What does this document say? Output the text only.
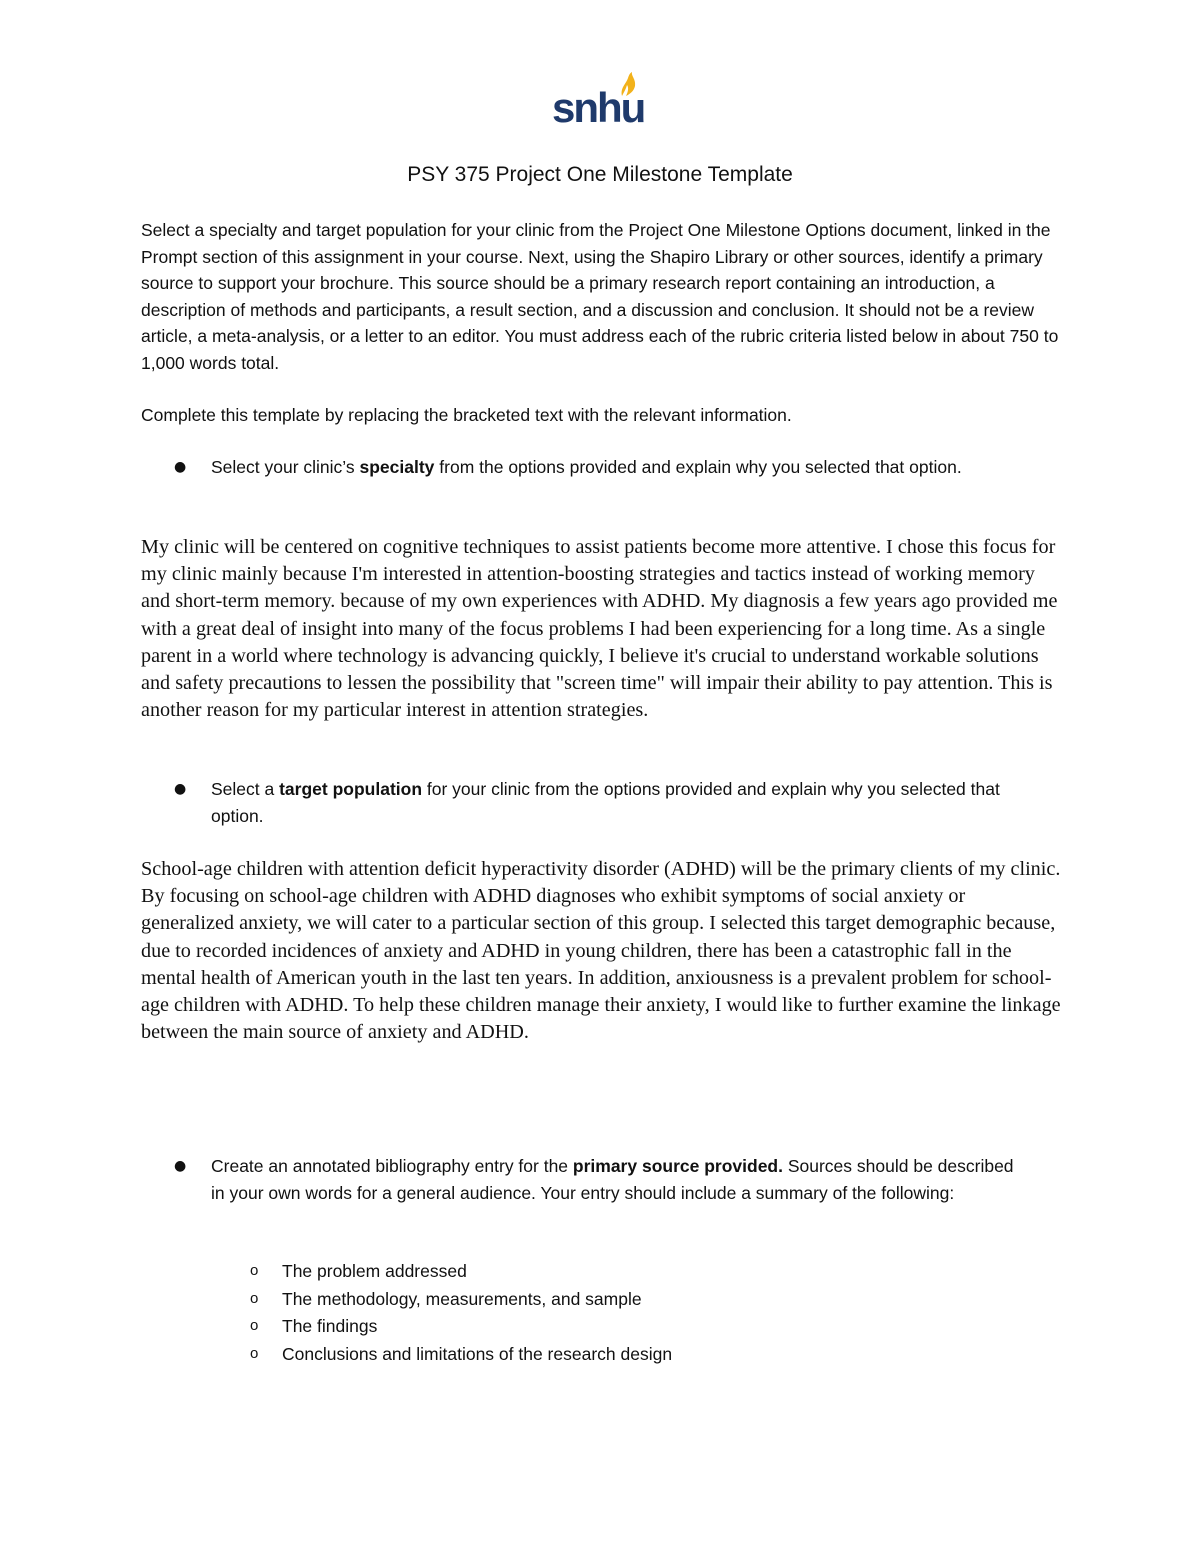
snhu
PSY 375 Project One Milestone Template

Select a specialty and target population for your clinic from the Project One Milestone Options document, linked in the Prompt section of this assignment in your course. Next, using the Shapiro Library or other sources, identify a primary source to support your brochure. This source should be a primary research report containing an introduction, a description of methods and participants, a result section, and a discussion and conclusion. It should not be a review article, a meta-analysis, or a letter to an editor. You must address each of the rubric criteria listed below in about 750 to 1,000 words total.

Complete this template by replacing the bracketed text with the relevant information.

● Select your clinic’s specialty from the options provided and explain why you selected that option.

My clinic will be centered on cognitive techniques to assist patients become more attentive. I chose this focus for my clinic mainly because I'm interested in attention-boosting strategies and tactics instead of working memory and short-term memory. because of my own experiences with ADHD. My diagnosis a few years ago provided me with a great deal of insight into many of the focus problems I had been experiencing for a long time. As a single parent in a world where technology is advancing quickly, I believe it's crucial to understand workable solutions and safety precautions to lessen the possibility that "screen time" will impair their ability to pay attention. This is another reason for my particular interest in attention strategies.

● Select a target population for your clinic from the options provided and explain why you selected that option.

School-age children with attention deficit hyperactivity disorder (ADHD) will be the primary clients of my clinic. By focusing on school-age children with ADHD diagnoses who exhibit symptoms of social anxiety or generalized anxiety, we will cater to a particular section of this group. I selected this target demographic because, due to recorded incidences of anxiety and ADHD in young children, there has been a catastrophic fall in the mental health of American youth in the last ten years. In addition, anxiousness is a prevalent problem for school-age children with ADHD. To help these children manage their anxiety, I would like to further examine the linkage between the main source of anxiety and ADHD.

● Create an annotated bibliography entry for the primary source provided. Sources should be described in your own words for a general audience. Your entry should include a summary of the following:
o The problem addressed
o The methodology, measurements, and sample
o The findings
o Conclusions and limitations of the research design
